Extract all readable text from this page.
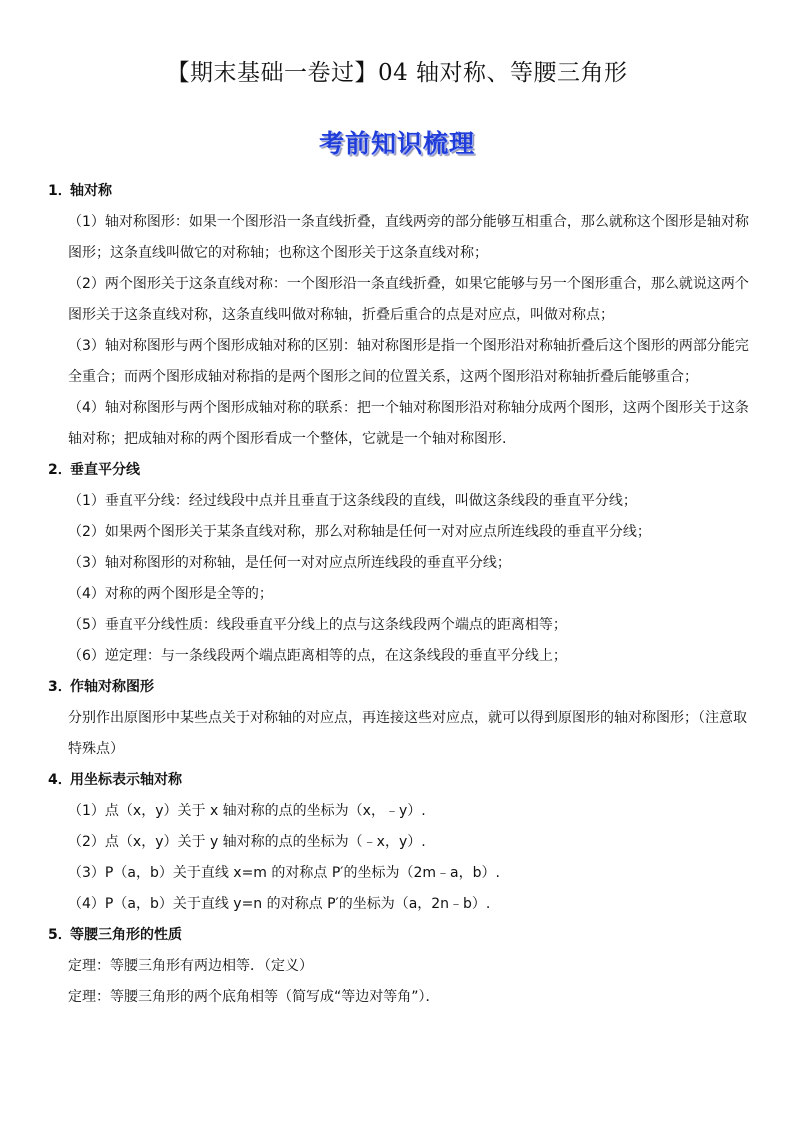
【期末基础一卷过】04 轴对称、等腰三角形
考前知识梳理

1．轴对称

（1）轴对称图形：如果一个图形沿一条直线折叠，直线两旁的部分能够互相重合，那么就称这个图形是轴对称图形；这条直线叫做它的对称轴；也称这个图形关于这条直线对称；

（2）两个图形关于这条直线对称：一个图形沿一条直线折叠，如果它能够与另一个图形重合，那么就说这两个图形关于这条直线对称，这条直线叫做对称轴，折叠后重合的点是对应点，叫做对称点；

（3）轴对称图形与两个图形成轴对称的区别：轴对称图形是指一个图形沿对称轴折叠后这个图形的两部分能完全重合；而两个图形成轴对称指的是两个图形之间的位置关系，这两个图形沿对称轴折叠后能够重合；

（4）轴对称图形与两个图形成轴对称的联系：把一个轴对称图形沿对称轴分成两个图形，这两个图形关于这条轴对称；把成轴对称的两个图形看成一个整体，它就是一个轴对称图形.

2．垂直平分线

（1）垂直平分线：经过线段中点并且垂直于这条线段的直线，叫做这条线段的垂直平分线；

（2）如果两个图形关于某条直线对称，那么对称轴是任何一对对应点所连线段的垂直平分线；

（3）轴对称图形的对称轴，是任何一对对应点所连线段的垂直平分线；

（4）对称的两个图形是全等的；

（5）垂直平分线性质：线段垂直平分线上的点与这条线段两个端点的距离相等；

（6）逆定理：与一条线段两个端点距离相等的点，在这条线段的垂直平分线上；

3．作轴对称图形

分别作出原图形中某些点关于对称轴的对应点，再连接这些对应点，就可以得到原图形的轴对称图形；（注意取特殊点）

4．用坐标表示轴对称

（1）点（x，y）关于 x 轴对称的点的坐标为（x，﹣y）.

（2）点（x，y）关于 y 轴对称的点的坐标为（﹣x，y）.

（3）P（a，b）关于直线 x=m 的对称点 P′的坐标为（2m﹣a，b）.

（4）P（a，b）关于直线 y=n 的对称点 P′的坐标为（a，2n﹣b）.

5．等腰三角形的性质

定理：等腰三角形有两边相等．（定义）

定理：等腰三角形的两个底角相等（简写成“等边对等角”）．
